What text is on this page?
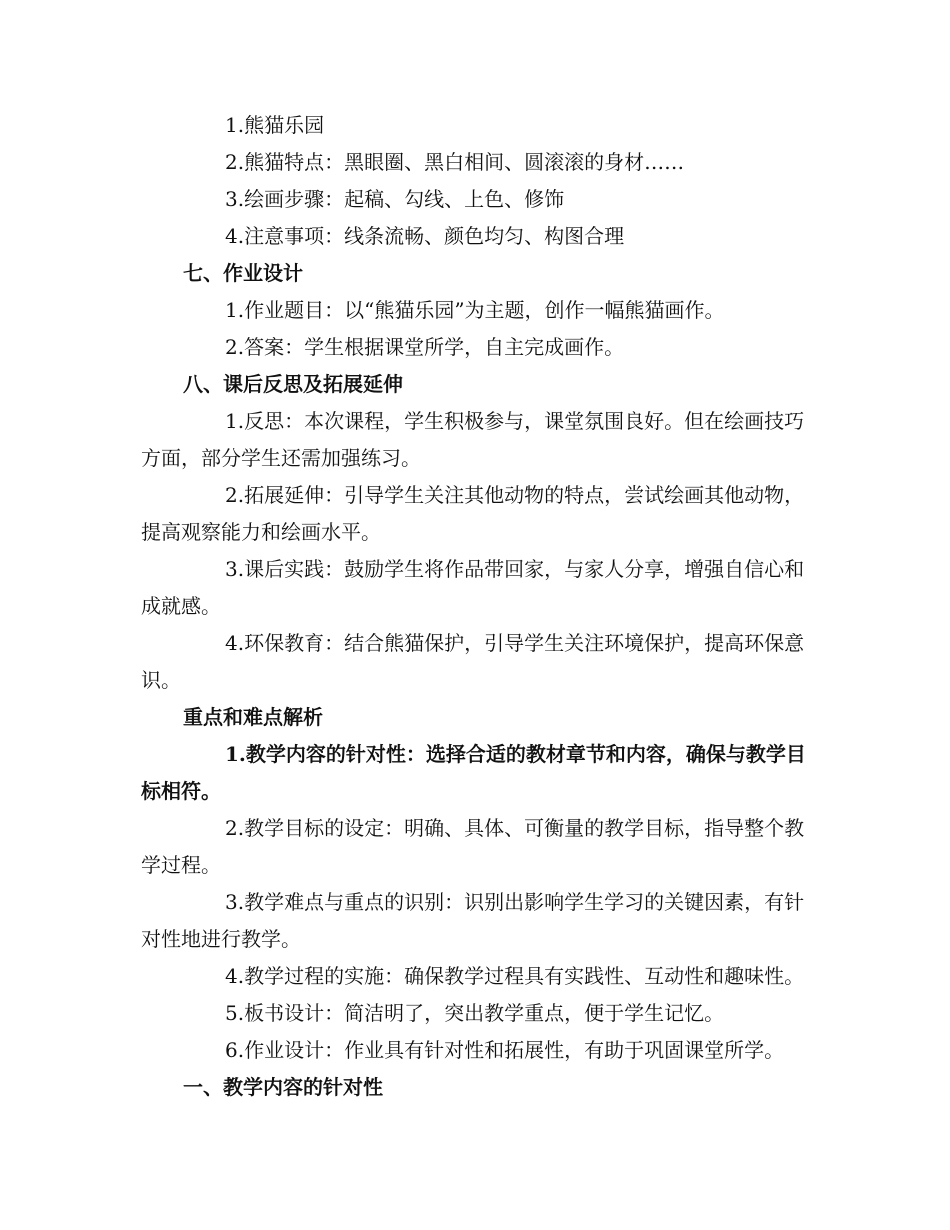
1.熊猫乐园

2.熊猫特点：黑眼圈、黑白相间、圆滚滚的身材……

3.绘画步骤：起稿、勾线、上色、修饰

4.注意事项：线条流畅、颜色均匀、构图合理

七、作业设计

1.作业题目：以“熊猫乐园”为主题，创作一幅熊猫画作。

2.答案：学生根据课堂所学，自主完成画作。

八、课后反思及拓展延伸

1.反思：本次课程，学生积极参与，课堂氛围良好。但在绘画技巧方面，部分学生还需加强练习。

2.拓展延伸：引导学生关注其他动物的特点，尝试绘画其他动物，提高观察能力和绘画水平。

3.课后实践：鼓励学生将作品带回家，与家人分享，增强自信心和成就感。

4.环保教育：结合熊猫保护，引导学生关注环境保护，提高环保意识。

重点和难点解析

1.教学内容的针对性：选择合适的教材章节和内容，确保与教学目标相符。

2.教学目标的设定：明确、具体、可衡量的教学目标，指导整个教学过程。

3.教学难点与重点的识别：识别出影响学生学习的关键因素，有针对性地进行教学。

4.教学过程的实施：确保教学过程具有实践性、互动性和趣味性。

5.板书设计：简洁明了，突出教学重点，便于学生记忆。

6.作业设计：作业具有针对性和拓展性，有助于巩固课堂所学。

一、教学内容的针对性
